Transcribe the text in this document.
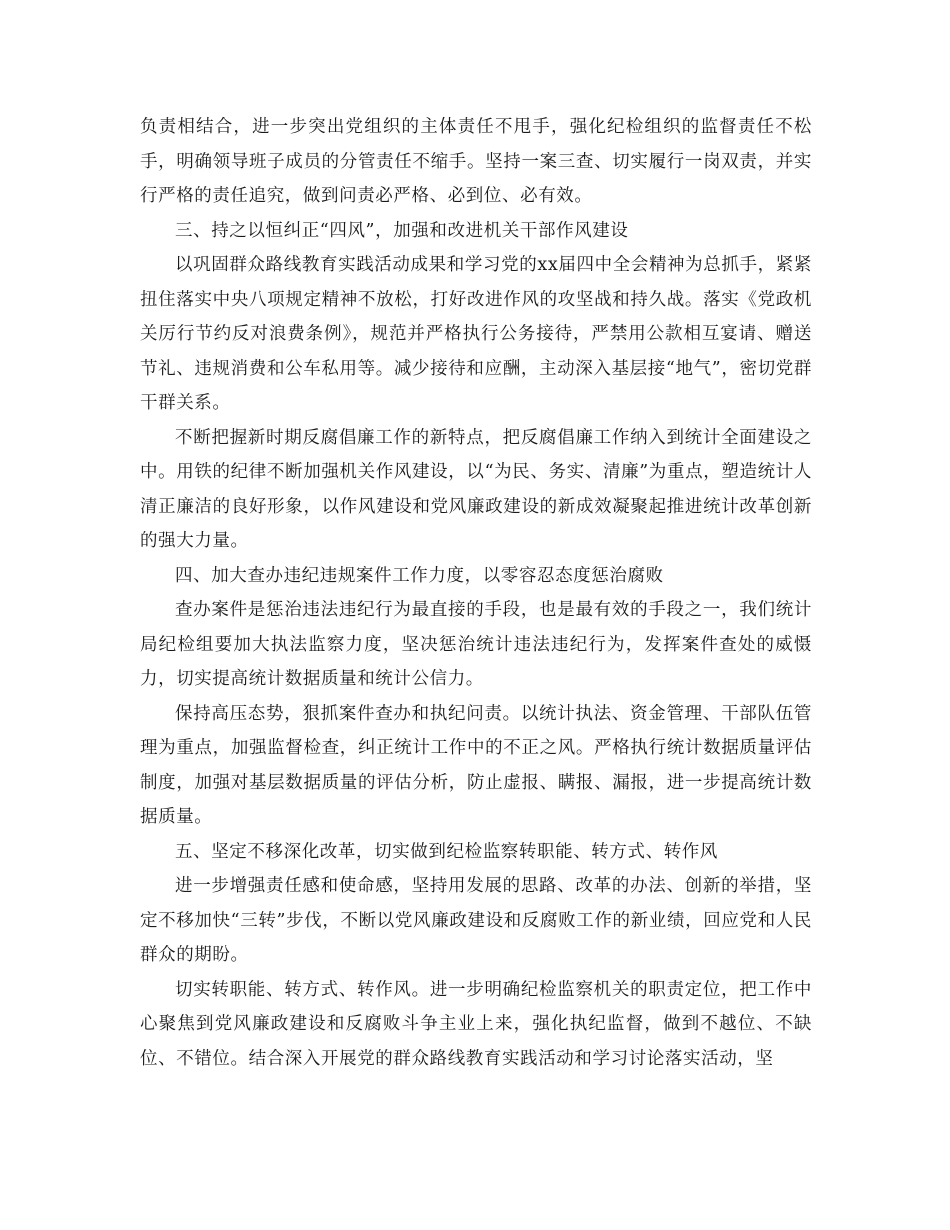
负责相结合，进一步突出党组织的主体责任不甩手，强化纪检组织的监督责任不松手，明确领导班子成员的分管责任不缩手。坚持一案三查、切实履行一岗双责，并实行严格的责任追究，做到问责必严格、必到位、必有效。

三、持之以恒纠正“四风”，加强和改进机关干部作风建设

以巩固群众路线教育实践活动成果和学习党的xx届四中全会精神为总抓手，紧紧扭住落实中央八项规定精神不放松，打好改进作风的攻坚战和持久战。落实《党政机关厉行节约反对浪费条例》，规范并严格执行公务接待，严禁用公款相互宴请、赠送节礼、违规消费和公车私用等。减少接待和应酬，主动深入基层接“地气”，密切党群干群关系。

不断把握新时期反腐倡廉工作的新特点，把反腐倡廉工作纳入到统计全面建设之中。用铁的纪律不断加强机关作风建设，以“为民、务实、清廉”为重点，塑造统计人清正廉洁的良好形象，以作风建设和党风廉政建设的新成效凝聚起推进统计改革创新的强大力量。

四、加大查办违纪违规案件工作力度，以零容忍态度惩治腐败

查办案件是惩治违法违纪行为最直接的手段，也是最有效的手段之一，我们统计局纪检组要加大执法监察力度，坚决惩治统计违法违纪行为，发挥案件查处的威慑力，切实提高统计数据质量和统计公信力。

保持高压态势，狠抓案件查办和执纪问责。以统计执法、资金管理、干部队伍管理为重点，加强监督检查，纠正统计工作中的不正之风。严格执行统计数据质量评估制度，加强对基层数据质量的评估分析，防止虚报、瞒报、漏报，进一步提高统计数据质量。

五、坚定不移深化改革，切实做到纪检监察转职能、转方式、转作风

进一步增强责任感和使命感，坚持用发展的思路、改革的办法、创新的举措，坚定不移加快“三转”步伐，不断以党风廉政建设和反腐败工作的新业绩，回应党和人民群众的期盼。

切实转职能、转方式、转作风。进一步明确纪检监察机关的职责定位，把工作中心聚焦到党风廉政建设和反腐败斗争主业上来，强化执纪监督，做到不越位、不缺位、不错位。结合深入开展党的群众路线教育实践活动和学习讨论落实活动，坚
